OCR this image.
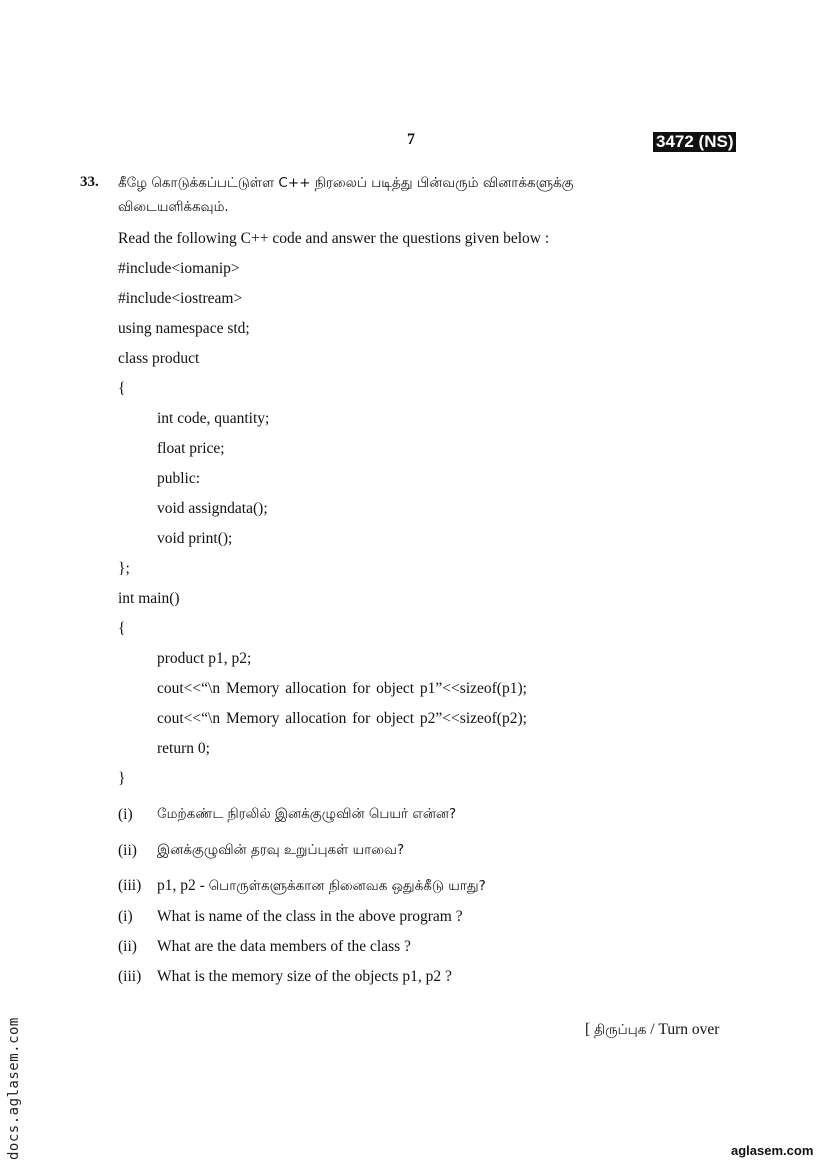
7	3472 (NS)
33. கீழே கொடுக்கப்பட்டுள்ள C++ நிரலைப் படித்து பின்வரும் வினாக்களுக்கு
விடையளிக்கவும்.
Read the following C++ code and answer the questions given below :
#include<iomanip>
#include<iostream>
using namespace std;
class product
{
int code, quantity;
float price;
public:
void assigndata();
void print();
};
int main()
{
product p1, p2;
cout<<“\n Memory allocation for object p1”<<sizeof(p1);
cout<<“\n Memory allocation for object p2”<<sizeof(p2);
return 0;
}
(i) மேற்கண்ட நிரலில் இனக்குழுவின் பெயர் என்ன?
(ii) இனக்குழுவின் தரவு உறுப்புகள் யாவை?
(iii) p1, p2 - பொருள்களுக்கான நினைவக ஒதுக்கீடு யாது?
(i) What is name of the class in the above program ?
(ii) What are the data members of the class ?
(iii) What is the memory size of the objects p1, p2 ?
[ திருப்புக / Turn over
docs.aglasem.com	aglasem.com
